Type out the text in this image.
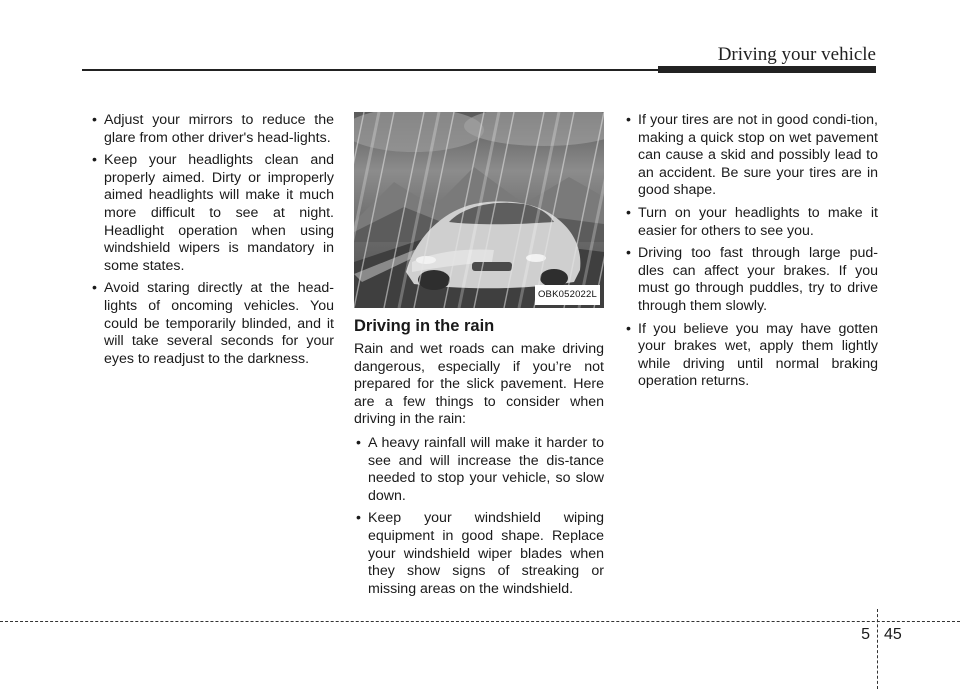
Driving your vehicle
• Adjust your mirrors to reduce the glare from other driver's head-lights.
• Keep your headlights clean and properly aimed. Dirty or improperly aimed headlights will make it much more difficult to see at night. Headlight operation when using windshield wipers is mandatory in some states.
• Avoid staring directly at the head-lights of oncoming vehicles. You could be temporarily blinded, and it will take several seconds for your eyes to readjust to the darkness.
OBK052022L
Driving in the rain

Rain and wet roads can make driving dangerous, especially if you’re not prepared for the slick pavement. Here are a few things to consider when driving in the rain:

• A heavy rainfall will make it harder to see and will increase the dis-tance needed to stop your vehicle, so slow down.
• Keep your windshield wiping equipment in good shape. Replace your windshield wiper blades when they show signs of streaking or missing areas on the windshield.
• If your tires are not in good condi-tion, making a quick stop on wet pavement can cause a skid and possibly lead to an accident. Be sure your tires are in good shape.
• Turn on your headlights to make it easier for others to see you.
• Driving too fast through large pud-dles can affect your brakes. If you must go through puddles, try to drive through them slowly.
• If you believe you may have gotten your brakes wet, apply them lightly while driving until normal braking operation returns.
5 45
